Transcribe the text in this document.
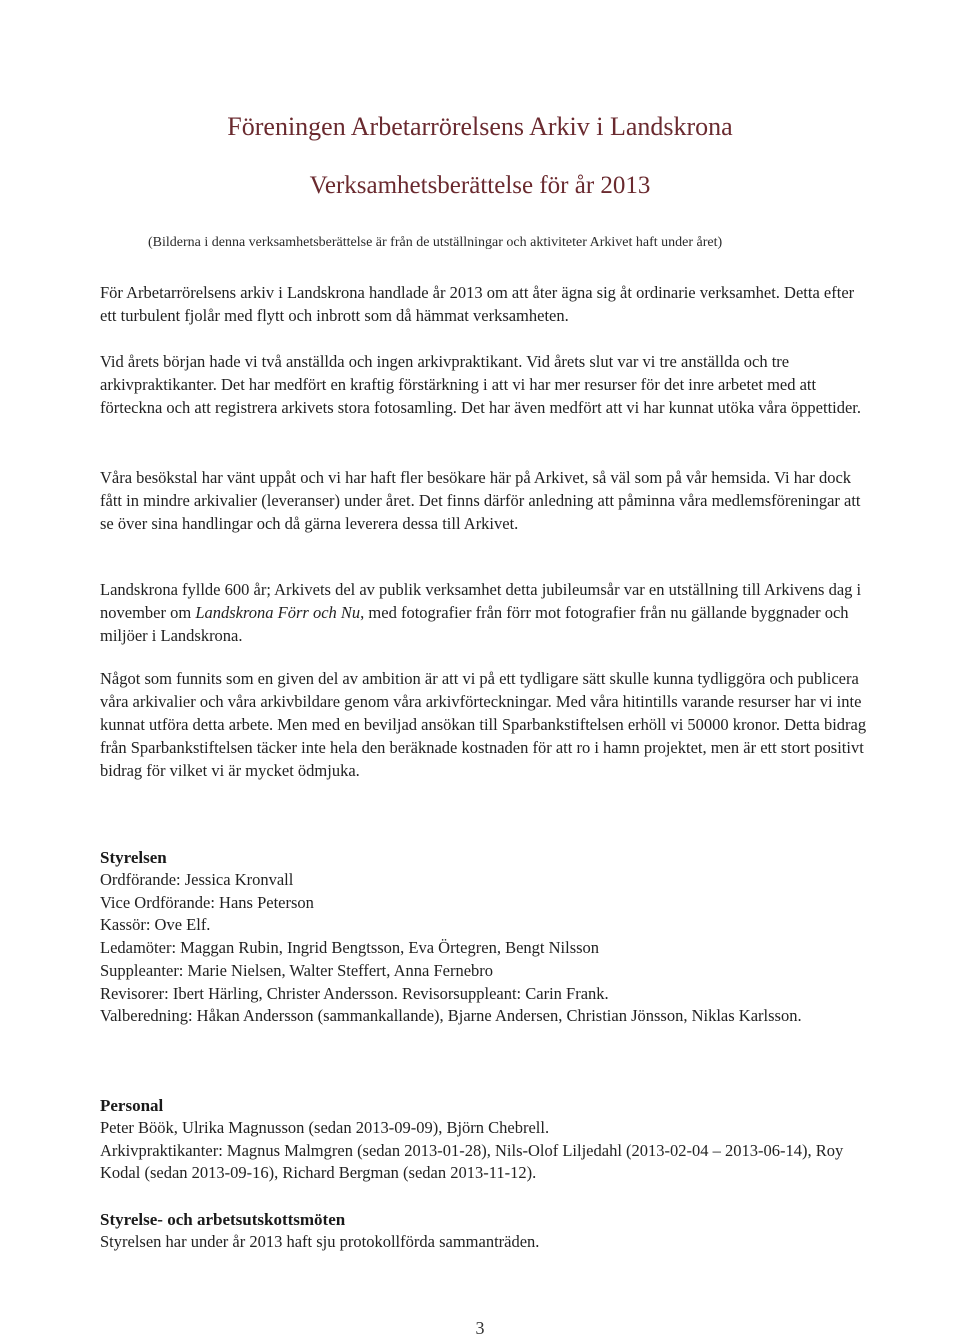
Föreningen Arbetarrörelsens Arkiv i Landskrona
Verksamhetsberättelse för år 2013

(Bilderna i denna verksamhetsberättelse är från de utställningar och aktiviteter Arkivet haft under året)

För Arbetarrörelsens arkiv i Landskrona handlade år 2013 om att åter ägna sig åt ordinarie verksamhet. Detta efter ett turbulent fjolår med flytt och inbrott som då hämmat verksamheten.

Vid årets början hade vi två anställda och ingen arkivpraktikant. Vid årets slut var vi tre anställda och tre arkivpraktikanter. Det har medfört en kraftig förstärkning i att vi har mer resurser för det inre arbetet med att förteckna och att registrera arkivets stora fotosamling. Det har även medfört att vi har kunnat utöka våra öppettider.

Våra besökstal har vänt uppåt och vi har haft fler besökare här på Arkivet, så väl som på vår hemsida. Vi har dock fått in mindre arkivalier (leveranser) under året. Det finns därför anledning att påminna våra medlemsföreningar att se över sina handlingar och då gärna leverera dessa till Arkivet.

Landskrona fyllde 600 år; Arkivets del av publik verksamhet detta jubileumsår var en utställning till Arkivens dag i november om Landskrona Förr och Nu, med fotografier från förr mot fotografier från nu gällande byggnader och miljöer i Landskrona.

Något som funnits som en given del av ambition är att vi på ett tydligare sätt skulle kunna tydliggöra och publicera våra arkivalier och våra arkivbildare genom våra arkivförteckningar. Med våra hitintills varande resurser har vi inte kunnat utföra detta arbete. Men med en beviljad ansökan till Sparbankstiftelsen erhöll vi 50000 kronor. Detta bidrag från Sparbankstiftelsen täcker inte hela den beräknade kostnaden för att ro i hamn projektet, men är ett stort positivt bidrag för vilket vi är mycket ödmjuka.

Styrelsen

Ordförande: Jessica Kronvall

Vice Ordförande: Hans Peterson

Kassör: Ove Elf.

Ledamöter: Maggan Rubin, Ingrid Bengtsson, Eva Örtegren, Bengt Nilsson

Suppleanter: Marie Nielsen, Walter Steffert, Anna Fernebro

Revisorer: Ibert Härling, Christer Andersson. Revisorsuppleant: Carin Frank.

Valberedning: Håkan Andersson (sammankallande), Bjarne Andersen, Christian Jönsson, Niklas Karlsson.

Personal

Peter Böök, Ulrika Magnusson (sedan 2013-09-09), Björn Chebrell.

Arkivpraktikanter: Magnus Malmgren (sedan 2013-01-28), Nils-Olof Liljedahl (2013-02-04 – 2013-06-14), Roy Kodal (sedan 2013-09-16), Richard Bergman (sedan 2013-11-12).

Styrelse- och arbetsutskottsmöten

Styrelsen har under år 2013 haft sju protokollförda sammanträden.

3
